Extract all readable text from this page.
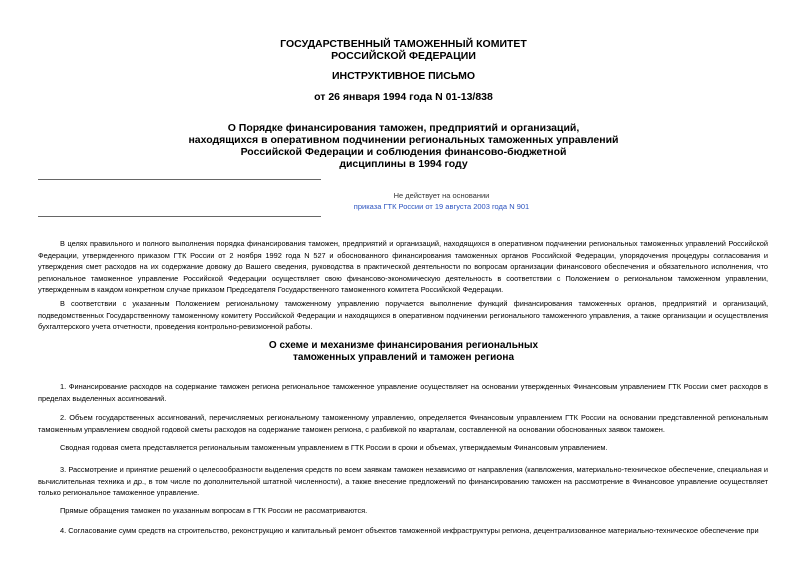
ГОСУДАРСТВЕННЫЙ ТАМОЖЕННЫЙ КОМИТЕТ
РОССИЙСКОЙ ФЕДЕРАЦИИ
ИНСТРУКТИВНОЕ ПИСЬМО
от 26 января 1994 года N 01-13/838
О Порядке финансирования таможен, предприятий и организаций,
находящихся в оперативном подчинении региональных таможенных управлений
Российской Федерации и соблюдения финансово-бюджетной
дисциплины в 1994 году
Не действует на основании
приказа ГТК России от 19 августа 2003 года N 901

В целях правильного и полного выполнения порядка финансирования таможен, предприятий и организаций, находящихся в оперативном подчинении региональных таможенных управлений Российской Федерации, утвержденного приказом ГТК России от 2 ноября 1992 года N 527 и обоснованного финансирования таможенных органов Российской Федерации, упорядочения процедуры согласования и утверждения смет расходов на их содержание довожу до Вашего сведения, руководства в практической деятельности по вопросам организации финансового обеспечения и обязательного исполнения, что региональное таможенное управление Российской Федерации осуществляет свою финансово-экономическую деятельность в соответствии с Положением о региональном таможенном управлении, утвержденным в каждом конкретном случае приказом Председателя Государственного таможенного комитета Российской Федерации.

В соответствии с указанным Положением региональному таможенному управлению поручается выполнение функций финансирования таможенных органов, предприятий и организаций, подведомственных Государственному таможенному комитету Российской Федерации и находящихся в оперативном подчинении регионального таможенного управления, а также организации и осуществления бухгалтерского учета отчетности, проведения контрольно-ревизионной работы.

О схеме и механизме финансирования региональных
таможенных управлений и таможен региона

1. Финансирование расходов на содержание таможен региона региональное таможенное управление осуществляет на основании утвержденных Финансовым управлением ГТК России смет расходов в пределах выделенных ассигнований.

2. Объем государственных ассигнований, перечисляемых региональному таможенному управлению, определяется Финансовым управлением ГТК России на основании представленной региональным таможенным управлением сводной годовой сметы расходов на содержание таможен региона, с разбивкой по кварталам, составленной на основании обоснованных заявок таможен.

Сводная годовая смета представляется региональным таможенным управлением в ГТК России в сроки и объемах, утверждаемым Финансовым управлением.

3. Рассмотрение и принятие решений о целесообразности выделения средств по всем заявкам таможен независимо от направления (капвложения, материально-техническое обеспечение, специальная и вычислительная техника и др., в том числе по дополнительной штатной численности), а также внесение предложений по финансированию таможен на рассмотрение в Финансовое управление осуществляет только региональное таможенное управление.

Прямые обращения таможен по указанным вопросам в ГТК России не рассматриваются.

4. Согласование сумм средств на строительство, реконструкцию и капитальный ремонт объектов таможенной инфраструктуры региона, децентрализованное материально-техническое обеспечение при
